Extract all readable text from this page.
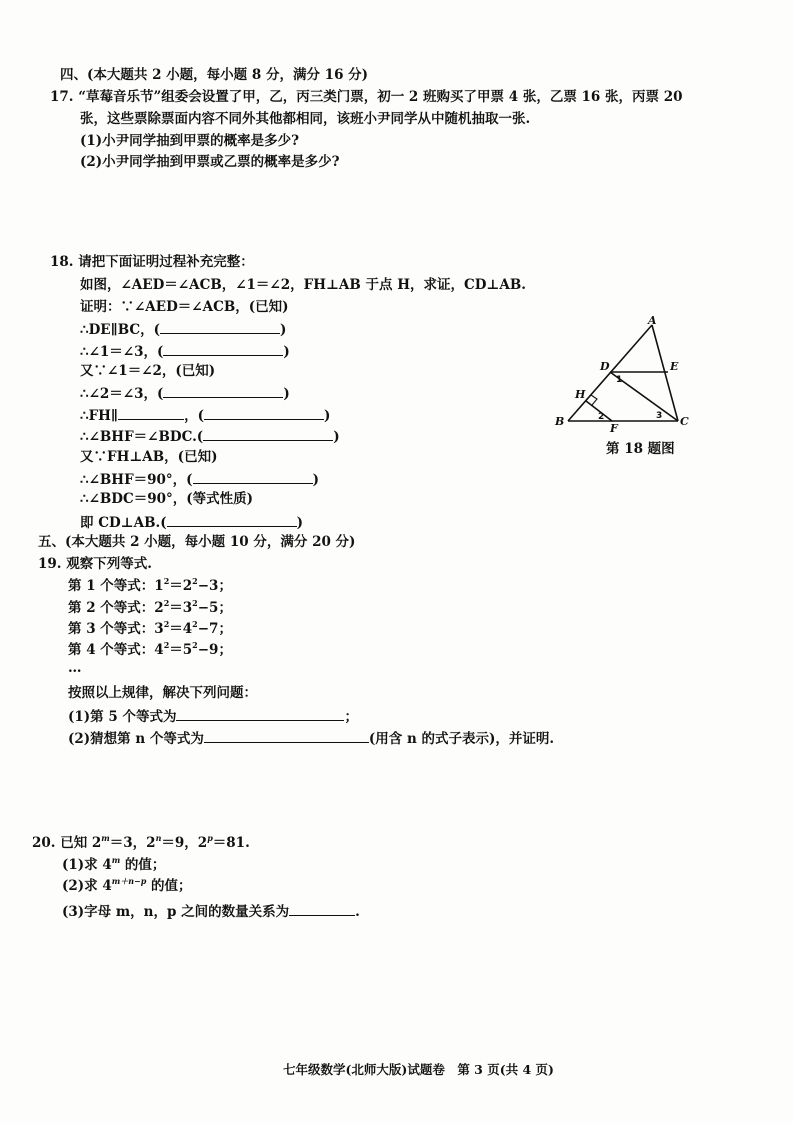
四、(本大题共 2 小题，每小题 8 分，满分 16 分)
17. “草莓音乐节”组委会设置了甲，乙，丙三类门票，初一 2 班购买了甲票 4 张，乙票 16 张，丙票 20
张，这些票除票面内容不同外其他都相同，该班小尹同学从中随机抽取一张.
(1)小尹同学抽到甲票的概率是多少?
(2)小尹同学抽到甲票或乙票的概率是多少?
18. 请把下面证明过程补充完整：
如图，∠AED＝∠ACB，∠1＝∠2，FH⊥AB 于点 H，求证，CD⊥AB.
证明：∵∠AED＝∠ACB，(已知)
∴DE∥BC，(	)
∴∠1＝∠3，(	)
又∵∠1＝∠2，(已知)
∴∠2＝∠3，(	)
∴FH∥	，(	)
∴∠BHF＝∠BDC.(	)
又∵FH⊥AB，(已知)
∴∠BHF＝90°，(	)
∴∠BDC＝90°，(等式性质)
即 CD⊥AB.(	)
A
B	C
D	E
F
H
1
2	3
第 18 题图
五、(本大题共 2 小题，每小题 10 分，满分 20 分)
19. 观察下列等式.
第 1 个等式：$1^2=2^2-3$；
第 2 个等式：$2^2=3^2-5$；
第 3 个等式：$3^2=4^2-7$；
第 4 个等式：$4^2=5^2-9$；
…
按照以上规律，解决下列问题：
(1)第 5 个等式为	；
(2)猜想第 n 个等式为	(用含 n 的式子表示)，并证明.
20. 已知 $2^m=3$，$2^n=9$，$2^p=81$.
(1)求 4$^m$ 的值；
(2)求 $4^{m+n-p}$ 的值；
(3)字母 m，n，p 之间的数量关系为	.
七年级数学(北师大版)试题卷　第 3 页(共 4 页)
